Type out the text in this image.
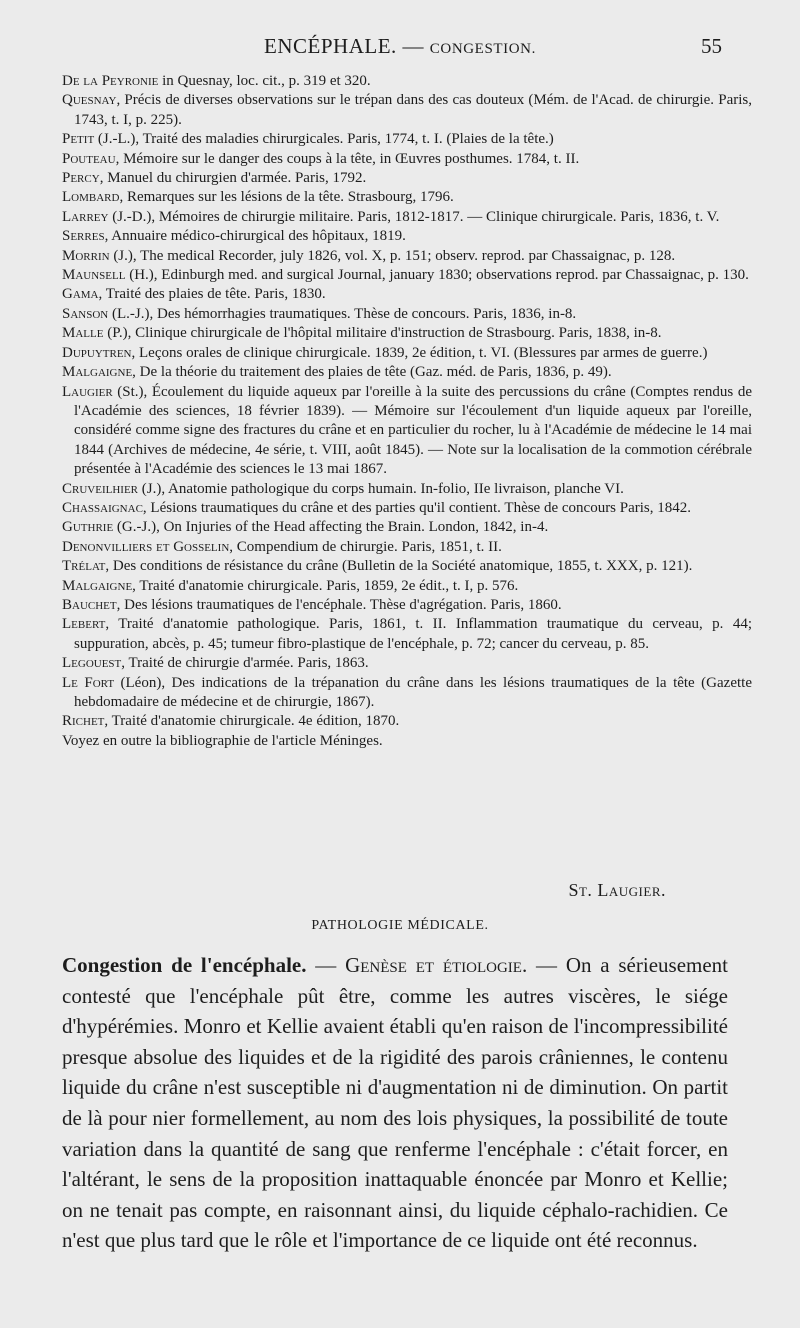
ENCÉPHALE. — CONGESTION.	55

De la Peyronie in Quesnay, loc. cit., p. 319 et 320.

Quesnay, Précis de diverses observations sur le trépan dans des cas douteux (Mém. de l'Acad. de chirurgie. Paris, 1743, t. I, p. 225).

Petit (J.-L.), Traité des maladies chirurgicales. Paris, 1774, t. I. (Plaies de la tête.)

Pouteau, Mémoire sur le danger des coups à la tête, in Œuvres posthumes. 1784, t. II.

Percy, Manuel du chirurgien d'armée. Paris, 1792.

Lombard, Remarques sur les lésions de la tête. Strasbourg, 1796.

Larrey (J.-D.), Mémoires de chirurgie militaire. Paris, 1812-1817. — Clinique chirurgicale. Paris, 1836, t. V.

Serres, Annuaire médico-chirurgical des hôpitaux, 1819.

Morrin (J.), The medical Recorder, july 1826, vol. X, p. 151; observ. reprod. par Chassaignac, p. 128.

Maunsell (H.), Edinburgh med. and surgical Journal, january 1830; observations reprod. par Chassaignac, p. 130.

Gama, Traité des plaies de tête. Paris, 1830.

Sanson (L.-J.), Des hémorrhagies traumatiques. Thèse de concours. Paris, 1836, in-8.

Malle (P.), Clinique chirurgicale de l'hôpital militaire d'instruction de Strasbourg. Paris, 1838, in-8.

Dupuytren, Leçons orales de clinique chirurgicale. 1839, 2e édition, t. VI. (Blessures par armes de guerre.)

Malgaigne, De la théorie du traitement des plaies de tête (Gaz. méd. de Paris, 1836, p. 49).

Laugier (St.), Écoulement du liquide aqueux par l'oreille à la suite des percussions du crâne (Comptes rendus de l'Académie des sciences, 18 février 1839). — Mémoire sur l'écoulement d'un liquide aqueux par l'oreille, considéré comme signe des fractures du crâne et en particulier du rocher, lu à l'Académie de médecine le 14 mai 1844 (Archives de médecine, 4e série, t. VIII, août 1845). — Note sur la localisation de la commotion cérébrale présentée à l'Académie des sciences le 13 mai 1867.

Cruveilhier (J.), Anatomie pathologique du corps humain. In-folio, IIe livraison, planche VI.

Chassaignac, Lésions traumatiques du crâne et des parties qu'il contient. Thèse de concours Paris, 1842.

Guthrie (G.-J.), On Injuries of the Head affecting the Brain. London, 1842, in-4.

Denonvilliers et Gosselin, Compendium de chirurgie. Paris, 1851, t. II.

Trélat, Des conditions de résistance du crâne (Bulletin de la Société anatomique, 1855, t. XXX, p. 121).

Malgaigne, Traité d'anatomie chirurgicale. Paris, 1859, 2e édit., t. I, p. 576.

Bauchet, Des lésions traumatiques de l'encéphale. Thèse d'agrégation. Paris, 1860.

Lebert, Traité d'anatomie pathologique. Paris, 1861, t. II. Inflammation traumatique du cerveau, p. 44; suppuration, abcès, p. 45; tumeur fibro-plastique de l'encéphale, p. 72; cancer du cerveau, p. 85.

Legouest, Traité de chirurgie d'armée. Paris, 1863.

Le Fort (Léon), Des indications de la trépanation du crâne dans les lésions traumatiques de la tête (Gazette hebdomadaire de médecine et de chirurgie, 1867).

Richet, Traité d'anatomie chirurgicale. 4e édition, 1870.

Voyez en outre la bibliographie de l'article Méninges.

St. Laugier.
PATHOLOGIE MÉDICALE.

Congestion de l'encéphale. — Genèse et étiologie. — On a sérieusement contesté que l'encéphale pût être, comme les autres viscères, le siége d'hypérémies. Monro et Kellie avaient établi qu'en raison de l'incompressibilité presque absolue des liquides et de la rigidité des parois crâniennes, le contenu liquide du crâne n'est susceptible ni d'augmentation ni de diminution. On partit de là pour nier formellement, au nom des lois physiques, la possibilité de toute variation dans la quantité de sang que renferme l'encéphale : c'était forcer, en l'altérant, le sens de la proposition inattaquable énoncée par Monro et Kellie; on ne tenait pas compte, en raisonnant ainsi, du liquide céphalo-rachidien. Ce n'est que plus tard que le rôle et l'importance de ce liquide ont été reconnus.
